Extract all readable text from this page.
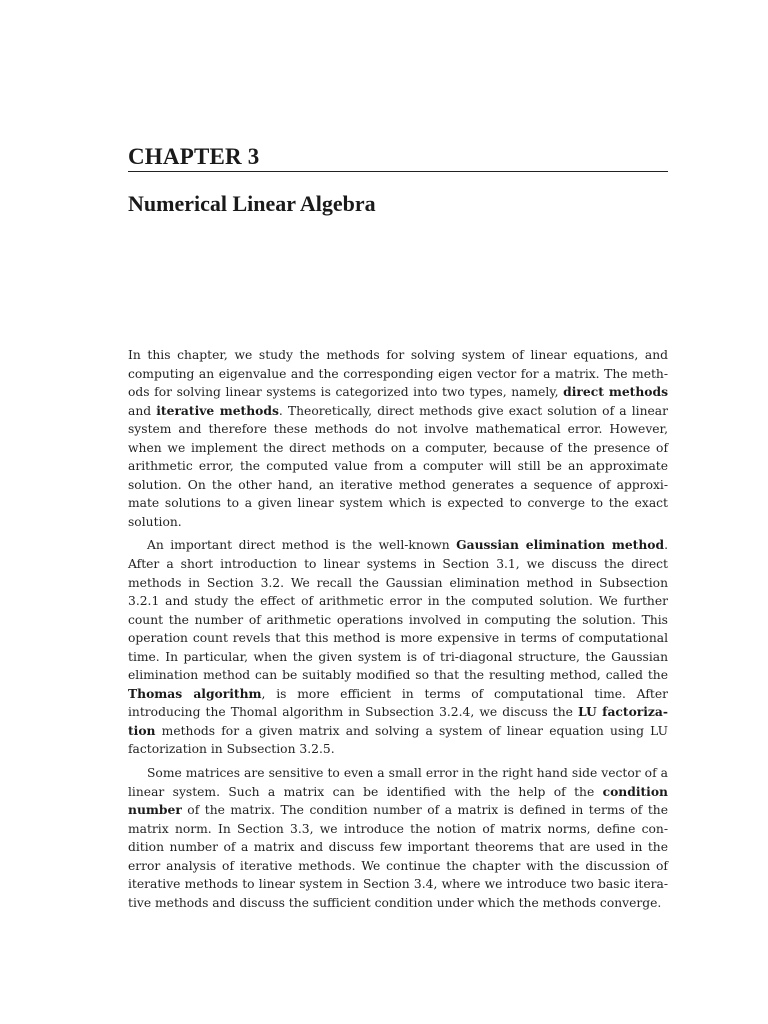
CHAPTER 3
Numerical Linear Algebra

In this chapter, we study the methods for solving system of linear equations, and computing an eigenvalue and the corresponding eigen vector for a matrix. The methods for solving linear systems is categorized into two types, namely, direct methods and iterative methods. Theoretically, direct methods give exact solution of a linear system and therefore these methods do not involve mathematical error. However, when we implement the direct methods on a computer, because of the presence of arithmetic error, the computed value from a computer will still be an approximate solution. On the other hand, an iterative method generates a sequence of approximate solutions to a given linear system which is expected to converge to the exact solution.

An important direct method is the well-known Gaussian elimination method. After a short introduction to linear systems in Section 3.1, we discuss the direct methods in Section 3.2. We recall the Gaussian elimination method in Subsection 3.2.1 and study the effect of arithmetic error in the computed solution. We further count the number of arithmetic operations involved in computing the solution. This operation count revels that this method is more expensive in terms of computational time. In particular, when the given system is of tri-diagonal structure, the Gaussian elimination method can be suitably modified so that the resulting method, called the Thomas algorithm, is more efficient in terms of computational time. After introducing the Thomal algorithm in Subsection 3.2.4, we discuss the LU factorization methods for a given matrix and solving a system of linear equation using LU factorization in Subsection 3.2.5.

Some matrices are sensitive to even a small error in the right hand side vector of a linear system. Such a matrix can be identified with the help of the condition number of the matrix. The condition number of a matrix is defined in terms of the matrix norm. In Section 3.3, we introduce the notion of matrix norms, define condition number of a matrix and discuss few important theorems that are used in the error analysis of iterative methods. We continue the chapter with the discussion of iterative methods to linear system in Section 3.4, where we introduce two basic iterative methods and discuss the sufficient condition under which the methods converge.
